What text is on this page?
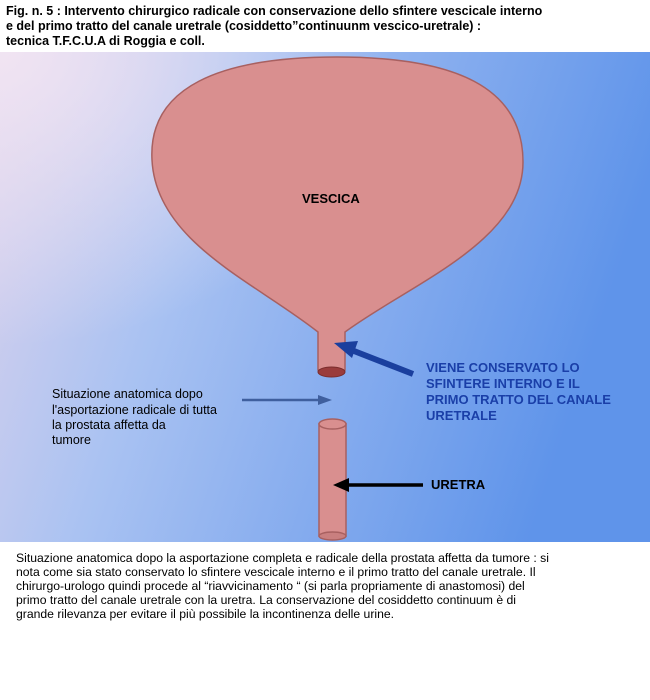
Fig. n. 5 : Intervento chirurgico radicale con conservazione dello sfintere vescicale interno
e del primo tratto del canale uretrale (cosiddetto”continuunm vescico-uretrale) :
tecnica T.F.C.U.A di Roggia e coll.
VESCICA
VIENE CONSERVATO LO SFINTERE INTERNO E IL PRIMO TRATTO DEL CANALE URETRALE
Situazione anatomica dopo l'asportazione radicale di tutta la prostata affetta da tumore
URETRA
Situazione anatomica dopo la asportazione completa e radicale della prostata affetta da tumore : si
nota come sia stato conservato lo sfintere vescicale interno e il primo tratto del canale uretrale. Il
chirurgo-urologo quindi procede al “riavvicinamento “ (si parla propriamente di anastomosi) del
primo tratto del canale uretrale con la uretra. La conservazione del cosiddetto continuum è di
grande rilevanza per evitare il più possibile la incontinenza delle urine.
